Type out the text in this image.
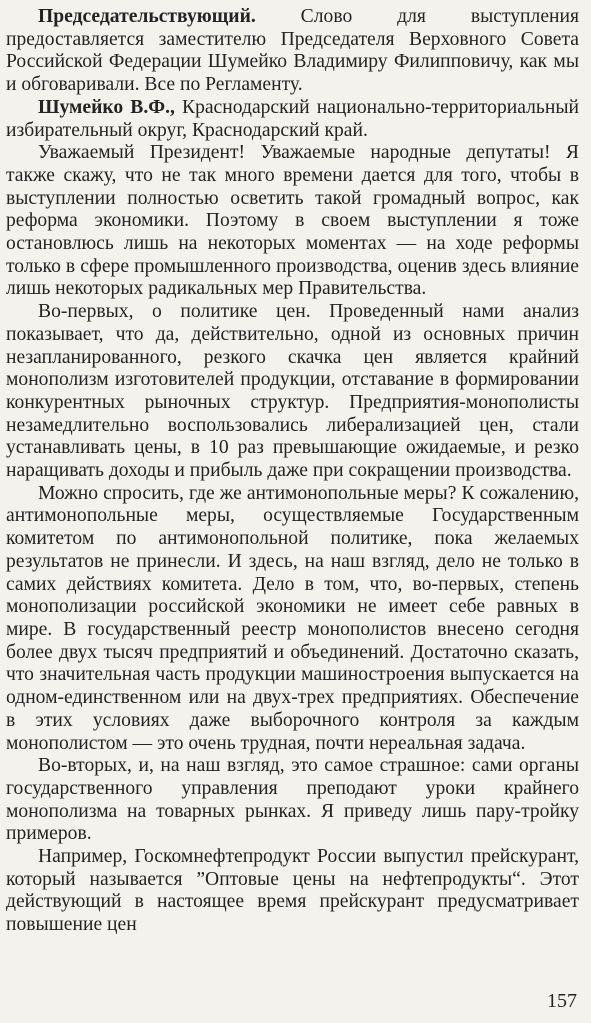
Председательствующий. Слово для выступления предоставляется заместителю Председателя Верховного Совета Российской Федерации Шумейко Владимиру Филипповичу, как мы и обговаривали. Все по Регламенту.

Шумейко В.Ф., Краснодарский национально-территориальный избирательный округ, Краснодарский край.

Уважаемый Президент! Уважаемые народные депутаты! Я также скажу, что не так много времени дается для того, чтобы в выступлении полностью осветить такой громадный вопрос, как реформа экономики. Поэтому в своем выступлении я тоже остановлюсь лишь на некоторых моментах — на ходе реформы только в сфере промышленного производства, оценив здесь влияние лишь некоторых радикальных мер Правительства.

Во-первых, о политике цен. Проведенный нами анализ показывает, что да, действительно, одной из основных причин незапланированного, резкого скачка цен является крайний монополизм изготовителей продукции, отставание в формировании конкурентных рыночных структур. Предприятия-монополисты незамедлительно воспользовались либерализацией цен, стали устанавливать цены, в 10 раз превышающие ожидаемые, и резко наращивать доходы и прибыль даже при сокращении производства.

Можно спросить, где же антимонопольные меры? К сожалению, антимонопольные меры, осуществляемые Государственным комитетом по антимонопольной политике, пока желаемых результатов не принесли. И здесь, на наш взгляд, дело не только в самих действиях комитета. Дело в том, что, во-первых, степень монополизации российской экономики не имеет себе равных в мире. В государственный реестр монополистов внесено сегодня более двух тысяч предприятий и объединений. Достаточно сказать, что значительная часть продукции машиностроения выпускается на одном-единственном или на двух-трех предприятиях. Обеспечение в этих условиях даже выборочного контроля за каждым монополистом — это очень трудная, почти нереальная задача.

Во-вторых, и, на наш взгляд, это самое страшное: сами органы государственного управления преподают уроки крайнего монополизма на товарных рынках. Я приведу лишь пару-тройку примеров.

Например, Госкомнефтепродукт России выпустил прейскурант, который называется ”Оптовые цены на нефтепродукты“. Этот действующий в настоящее время прейскурант предусматривает повышение цен

157
